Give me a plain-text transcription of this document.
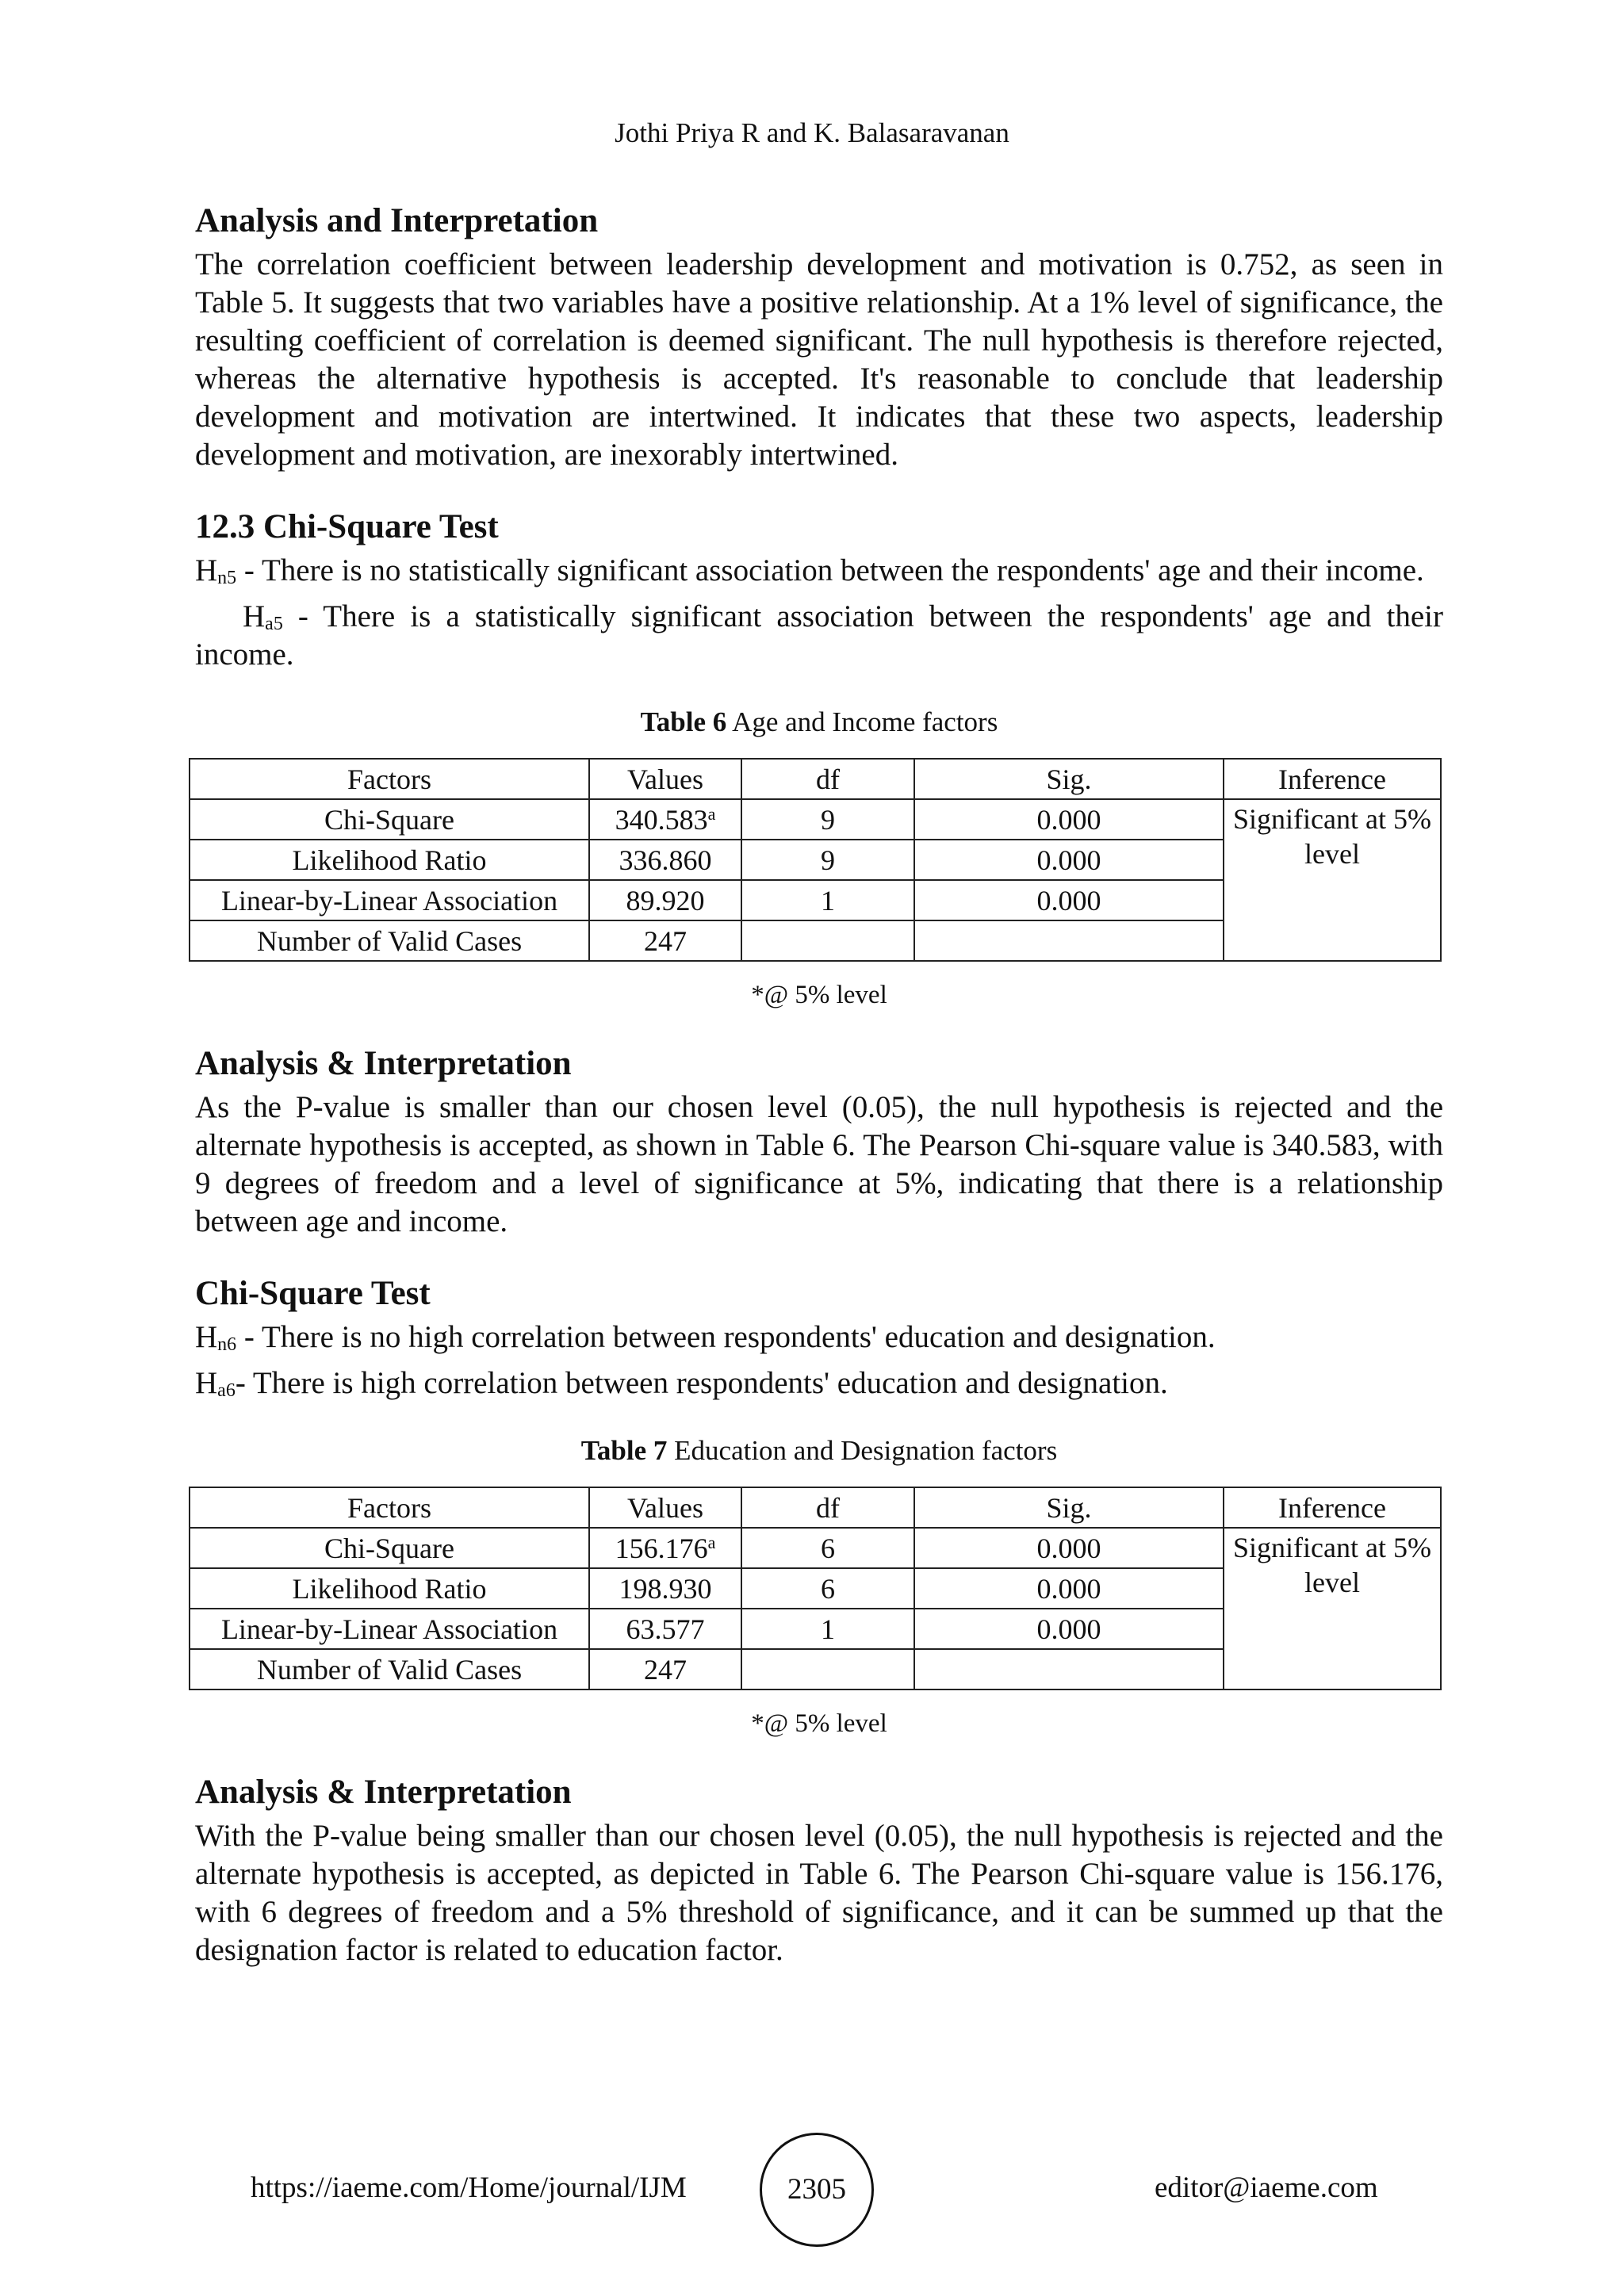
Jothi Priya R and K. Balasaravanan
Analysis and Interpretation

The correlation coefficient between leadership development and motivation is 0.752, as seen in Table 5. It suggests that two variables have a positive relationship. At a 1% level of significance, the resulting coefficient of correlation is deemed significant. The null hypothesis is therefore rejected, whereas the alternative hypothesis is accepted. It's reasonable to conclude that leadership development and motivation are intertwined. It indicates that these two aspects, leadership development and motivation, are inexorably intertwined.

12.3 Chi-Square Test

$H_{n5}$ - There is no statistically significant association between the respondents' age and their income.

$H_{a5}$ - There is a statistically significant association between the respondents' age and their income.

Table 6 Age and Income factors

Factors	Values	df	Sig.	Inference
Chi-Square	340.583$^a$	9	0.000	Significant at 5% level
Likelihood Ratio	336.860	9	0.000	
Linear-by-Linear Association	89.920	1	0.000	
Number of Valid Cases	247			

*@ 5% level

Analysis & Interpretation

As the P-value is smaller than our chosen level (0.05), the null hypothesis is rejected and the alternate hypothesis is accepted, as shown in Table 6. The Pearson Chi-square value is 340.583, with 9 degrees of freedom and a level of significance at 5%, indicating that there is a relationship between age and income.

Chi-Square Test

$H_{n6}$ - There is no high correlation between respondents' education and designation.

$H_{a6}-$ There is high correlation between respondents' education and designation.

Table 7 Education and Designation factors

Factors	Values	df	Sig.	Inference
Chi-Square	156.176$^a$	6	0.000	Significant at 5% level
Likelihood Ratio	198.930	6	0.000	
Linear-by-Linear Association	63.577	1	0.000	
Number of Valid Cases	247			

*@ 5% level

Analysis & Interpretation

With the P-value being smaller than our chosen level (0.05), the null hypothesis is rejected and the alternate hypothesis is accepted, as depicted in Table 6. The Pearson Chi-square value is 156.176, with 6 degrees of freedom and a 5% threshold of significance, and it can be summed up that the designation factor is related to education factor.

https://iaeme.com/Home/journal/IJM	2305	editor@iaeme.com
